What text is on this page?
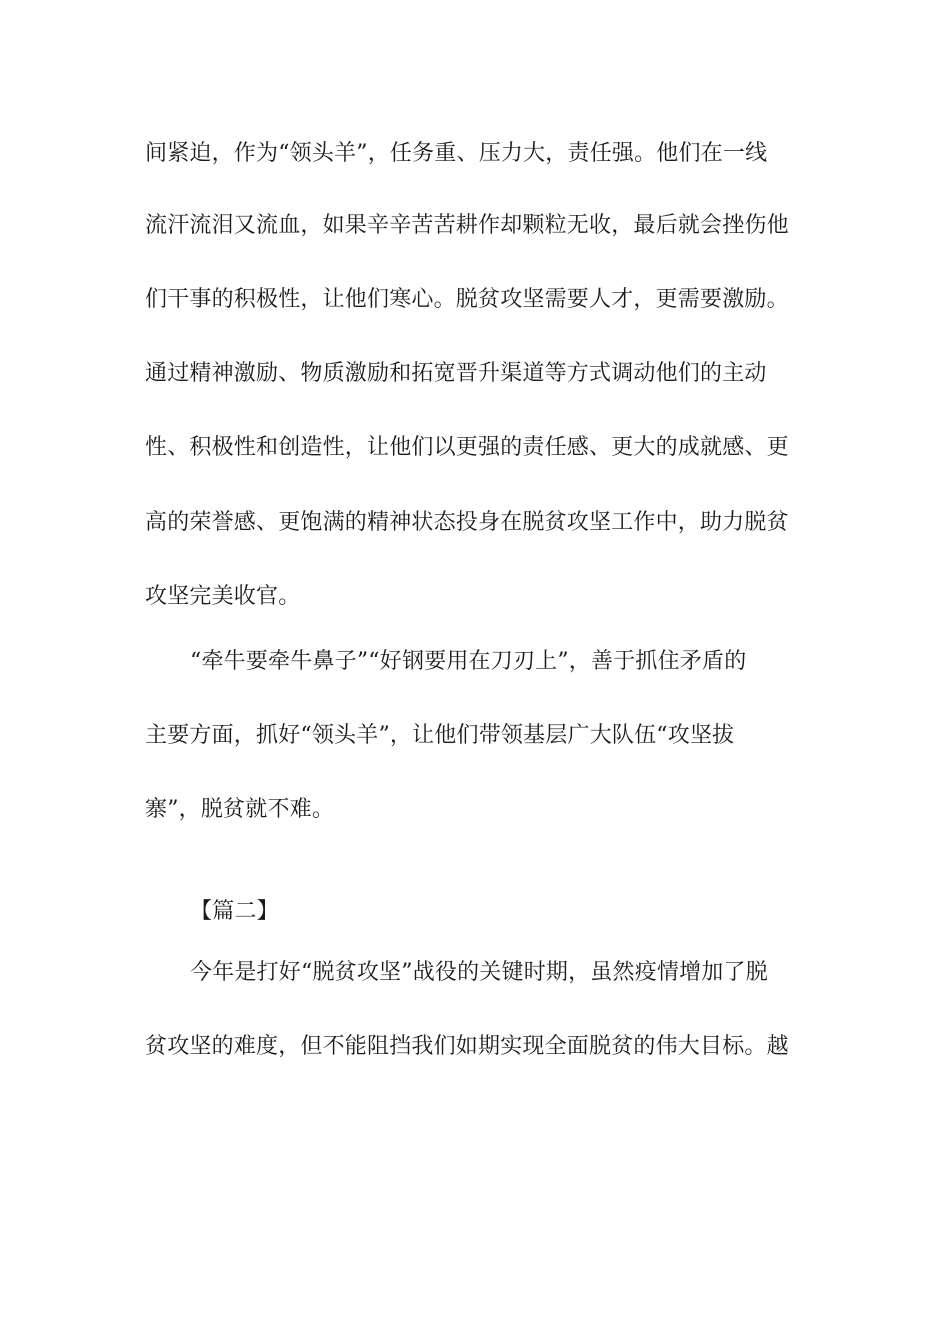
间紧迫，作为“领头羊”，任务重、压力大，责任强。他们在一线
流汗流泪又流血，如果辛辛苦苦耕作却颗粒无收，最后就会挫伤他
们干事的积极性，让他们寒心。脱贫攻坚需要人才，更需要激励。
通过精神激励、物质激励和拓宽晋升渠道等方式调动他们的主动
性、积极性和创造性，让他们以更强的责任感、更大的成就感、更
高的荣誉感、更饱满的精神状态投身在脱贫攻坚工作中，助力脱贫
攻坚完美收官。
“牵牛要牵牛鼻子”“好钢要用在刀刃上”，善于抓住矛盾的
主要方面，抓好“领头羊”，让他们带领基层广大队伍“攻坚拔
寨”，脱贫就不难。
【篇二】
今年是打好“脱贫攻坚”战役的关键时期，虽然疫情增加了脱
贫攻坚的难度，但不能阻挡我们如期实现全面脱贫的伟大目标。越
